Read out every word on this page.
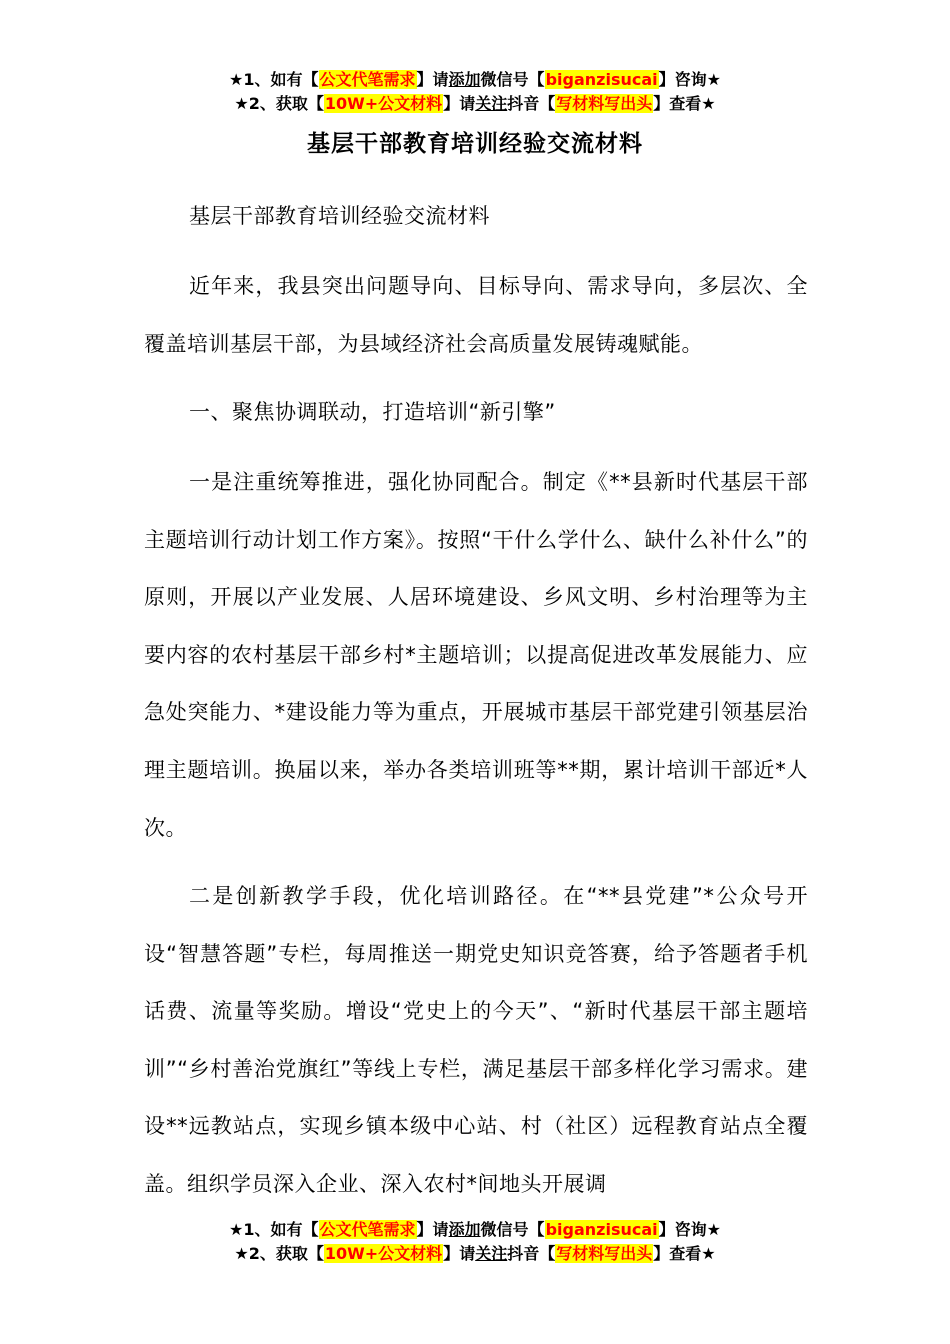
★1、如有【公文代笔需求】请添加微信号【biganzisucai】咨询★
★2、获取【10W+公文材料】请关注抖音【写材料写出头】查看★
基层干部教育培训经验交流材料

基层干部教育培训经验交流材料

近年来，我县突出问题导向、目标导向、需求导向，多层次、全覆盖培训基层干部，为县域经济社会高质量发展铸魂赋能。

一、聚焦协调联动，打造培训“新引擎”

一是注重统筹推进，强化协同配合。制定《**县新时代基层干部主题培训行动计划工作方案》。按照“干什么学什么、缺什么补什么”的原则，开展以产业发展、人居环境建设、乡风文明、乡村治理等为主要内容的农村基层干部乡村*主题培训；以提高促进改革发展能力、应急处突能力、*建设能力等为重点，开展城市基层干部党建引领基层治理主题培训。换届以来，举办各类培训班等**期，累计培训干部近*人次。

二是创新教学手段，优化培训路径。在“**县党建”*公众号开设“智慧答题”专栏，每周推送一期党史知识竞答赛，给予答题者手机话费、流量等奖励。增设“党史上的今天”、“新时代基层干部主题培训”“乡村善治党旗红”等线上专栏，满足基层干部多样化学习需求。建设**远教站点，实现乡镇本级中心站、村（社区）远程教育站点全覆盖。组织学员深入企业、深入农村*间地头开展调

★1、如有【公文代笔需求】请添加微信号【biganzisucai】咨询★
★2、获取【10W+公文材料】请关注抖音【写材料写出头】查看★
